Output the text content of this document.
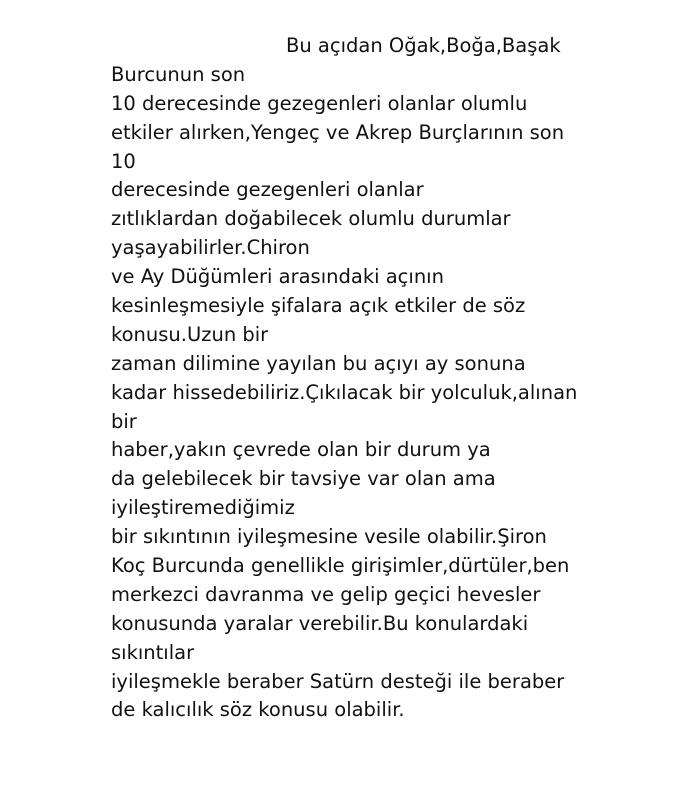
Bu açıdan Oğak,Boğa,Başak
Burcunun son
10 derecesinde gezegenleri olanlar olumlu
etkiler alırken,Yengeç ve Akrep Burçlarının son
10
derecesinde gezegenleri olanlar
zıtlıklardan doğabilecek olumlu durumlar
yaşayabilirler.Chiron
ve Ay Düğümleri arasındaki açının
kesinleşmesiyle şifalara açık etkiler de söz
konusu.Uzun bir
zaman dilimine yayılan bu açıyı ay sonuna
kadar hissedebiliriz.Çıkılacak bir yolculuk,alınan
bir
haber,yakın çevrede olan bir durum ya
da gelebilecek bir tavsiye var olan ama
iyileştiremediğimiz
bir sıkıntının iyileşmesine vesile olabilir.Şiron
Koç Burcunda genellikle girişimler,dürtüler,ben
merkezci davranma ve gelip geçici hevesler
konusunda yaralar verebilir.Bu konulardaki
sıkıntılar
iyileşmekle beraber Satürn desteği ile beraber
de kalıcılık söz konusu olabilir.
